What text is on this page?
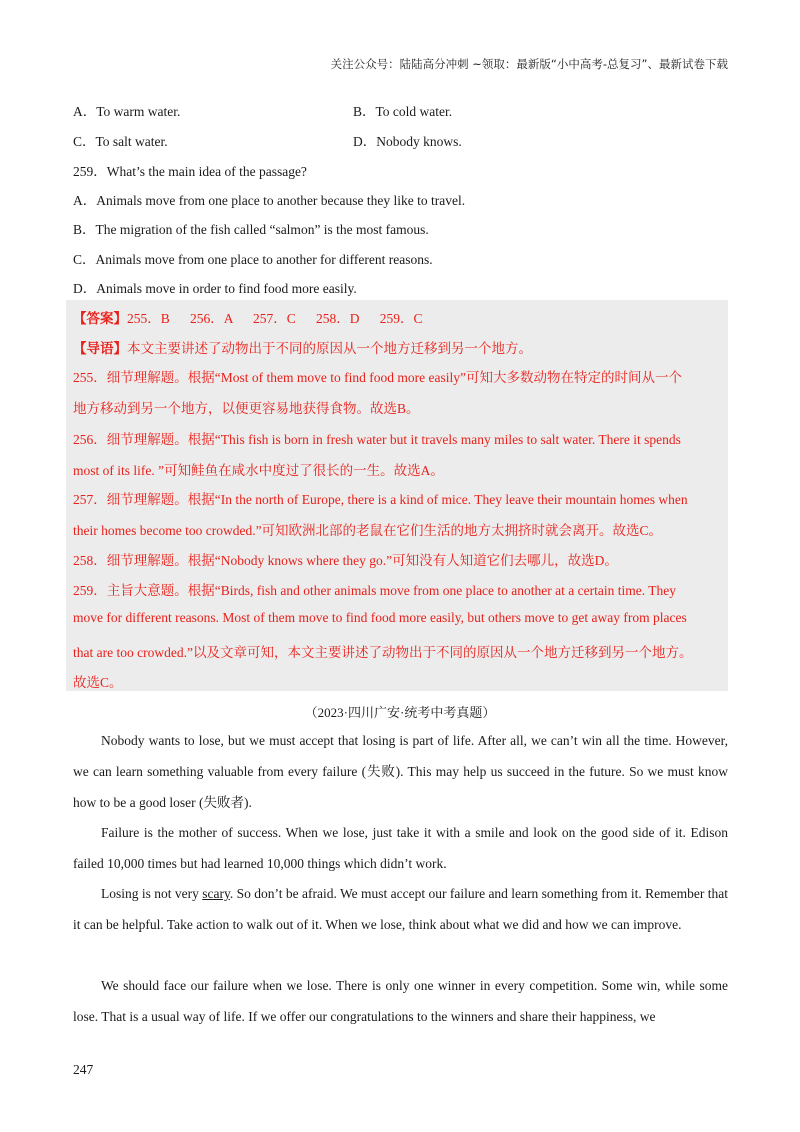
关注公众号：陆陆高分冲刺 ~领取：最新版“小中高考-总复习”、最新试卷下载
A．To warm water.	B．To cold water.
C．To salt water.	D．Nobody knows.
259．What’s the main idea of the passage?
A．Animals move from one place to another because they like to travel.
B．The migration of the fish called “salmon” is the most famous.
C．Animals move from one place to another for different reasons.
D．Animals move in order to find food more easily.
【答案】255．B      256．A      257．C      258．D      259．C
【导语】本文主要讲述了动物出于不同的原因从一个地方迁移到另一个地方。
255．细节理解题。根据“Most of them move to find food more easily”可知大多数动物在特定的时间从一个
地方移动到另一个地方，以便更容易地获得食物。故选B。
256．细节理解题。根据“This fish is born in fresh water but it travels many miles to salt water. There it spends
most of its life. ”可知鲑鱼在咸水中度过了很长的一生。故选A。
257．细节理解题。根据“In the north of Europe, there is a kind of mice. They leave their mountain homes when
their homes become too crowded.”可知欧洲北部的老鼠在它们生活的地方太拥挤时就会离开。故选C。
258．细节理解题。根据“Nobody knows where they go.”可知没有人知道它们去哪儿，故选D。
259．主旨大意题。根据“Birds, fish and other animals move from one place to another at a certain time. They
move for different reasons. Most of them move to find food more easily, but others move to get away from places
that are too crowded.”以及文章可知，本文主要讲述了动物出于不同的原因从一个地方迁移到另一个地方。
故选C。
（2023·四川广安·统考中考真题）

Nobody wants to lose, but we must accept that losing is part of life. After all, we can’t win all the time. However, we can learn something valuable from every failure (失败). This may help us succeed in the future. So we must know how to be a good loser (失败者).

Failure is the mother of success. When we lose, just take it with a smile and look on the good side of it. Edison failed 10,000 times but had learned 10,000 things which didn’t work.

Losing is not very scary. So don’t be afraid. We must accept our failure and learn something from it. Remember that it can be helpful. Take action to walk out of it. When we lose, think about what we did and how we can improve.

We should face our failure when we lose. There is only one winner in every competition. Some win, while some lose. That is a usual way of life. If we offer our congratulations to the winners and share their happiness, we

247
